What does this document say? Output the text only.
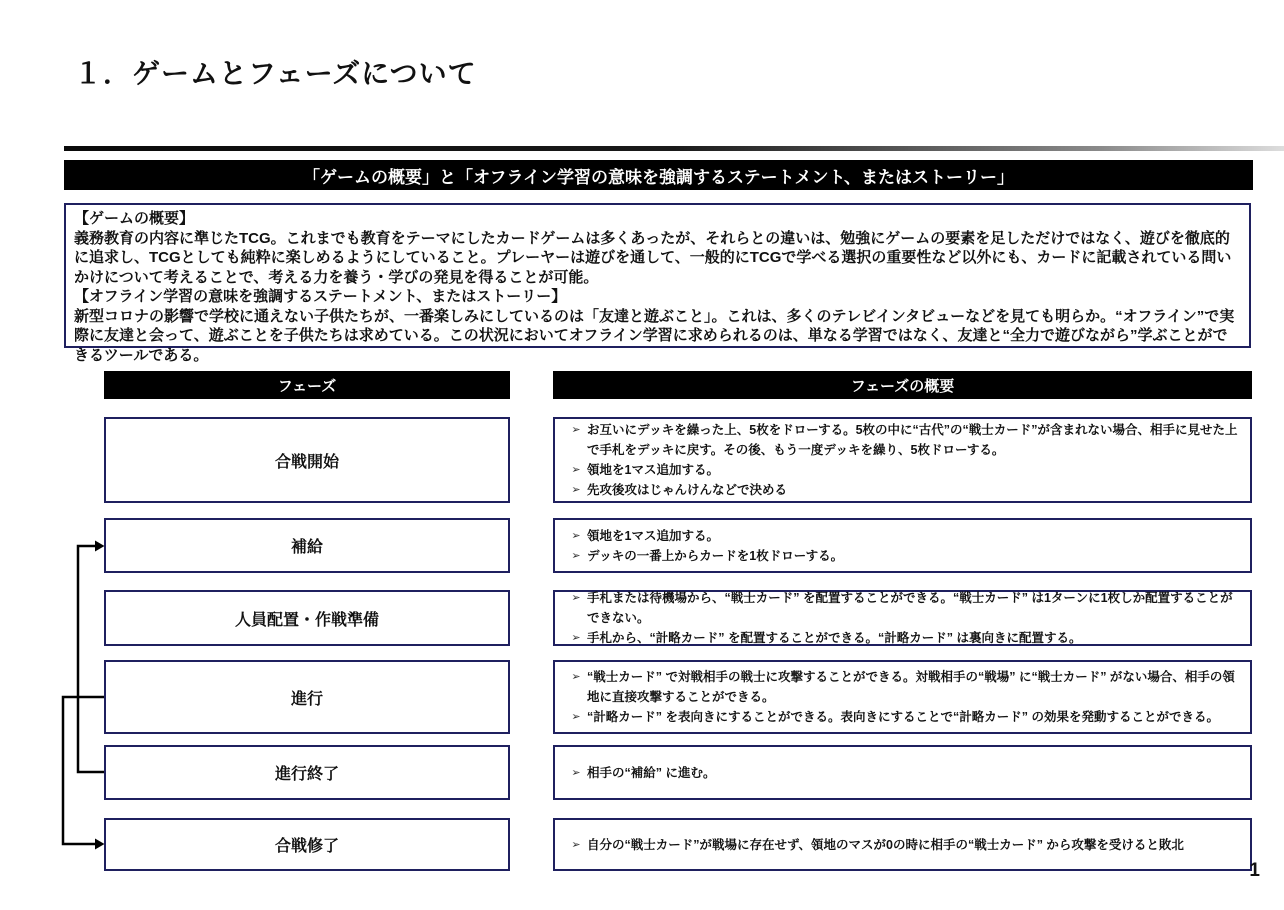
１．ゲームとフェーズについて
「ゲームの概要」と「オフライン学習の意味を強調するステートメント、またはストーリー」
【ゲームの概要】
義務教育の内容に準じたTCG。これまでも教育をテーマにしたカードゲームは多くあったが、それらとの違いは、勉強にゲームの要素を足しただけではなく、遊びを徹底的に追求し、TCGとしても純粋に楽しめるようにしていること。プレーヤーは遊びを通して、一般的にTCGで学べる選択の重要性など以外にも、カードに記載されている問いかけについて考えることで、考える力を養う・学びの発見を得ることが可能。
【オフライン学習の意味を強調するステートメント、またはストーリー】
新型コロナの影響で学校に通えない子供たちが、一番楽しみにしているのは「友達と遊ぶこと」。これは、多くのテレビインタビューなどを見ても明らか。“オフライン”で実際に友達と会って、遊ぶことを子供たちは求めている。この状況においてオフライン学習に求められるのは、単なる学習ではなく、友達と“全力で遊びながら”学ぶことができるツールである。
フェーズ	フェーズの概要
合戦開始
➢ お互いにデッキを繰った上、5枚をドローする。5枚の中に“古代”の“戦士カード”が含まれない場合、相手に見せた上で手札をデッキに戻す。その後、もう一度デッキを繰り、5枚ドローする。
➢ 領地を1マス追加する。
➢ 先攻後攻はじゃんけんなどで決める
補給
➢ 領地を1マス追加する。
➢ デッキの一番上からカードを1枚ドローする。
人員配置・作戦準備
➢ 手札または待機場から、“戦士カード” を配置することができる。“戦士カード” は1ターンに1枚しか配置することができない。
➢ 手札から、“計略カード” を配置することができる。“計略カード” は裏向きに配置する。
進行
➢ “戦士カード” で対戦相手の戦士に攻撃することができる。対戦相手の“戦場” に“戦士カード” がない場合、相手の領地に直接攻撃することができる。
➢ “計略カード” を表向きにすることができる。表向きにすることで“計略カード” の効果を発動することができる。
進行終了	➢ 相手の“補給” に進む。
合戦修了	➢ 自分の“戦士カード”が戦場に存在せず、領地のマスが0の時に相手の“戦士カード” から攻撃を受けると敗北
1
